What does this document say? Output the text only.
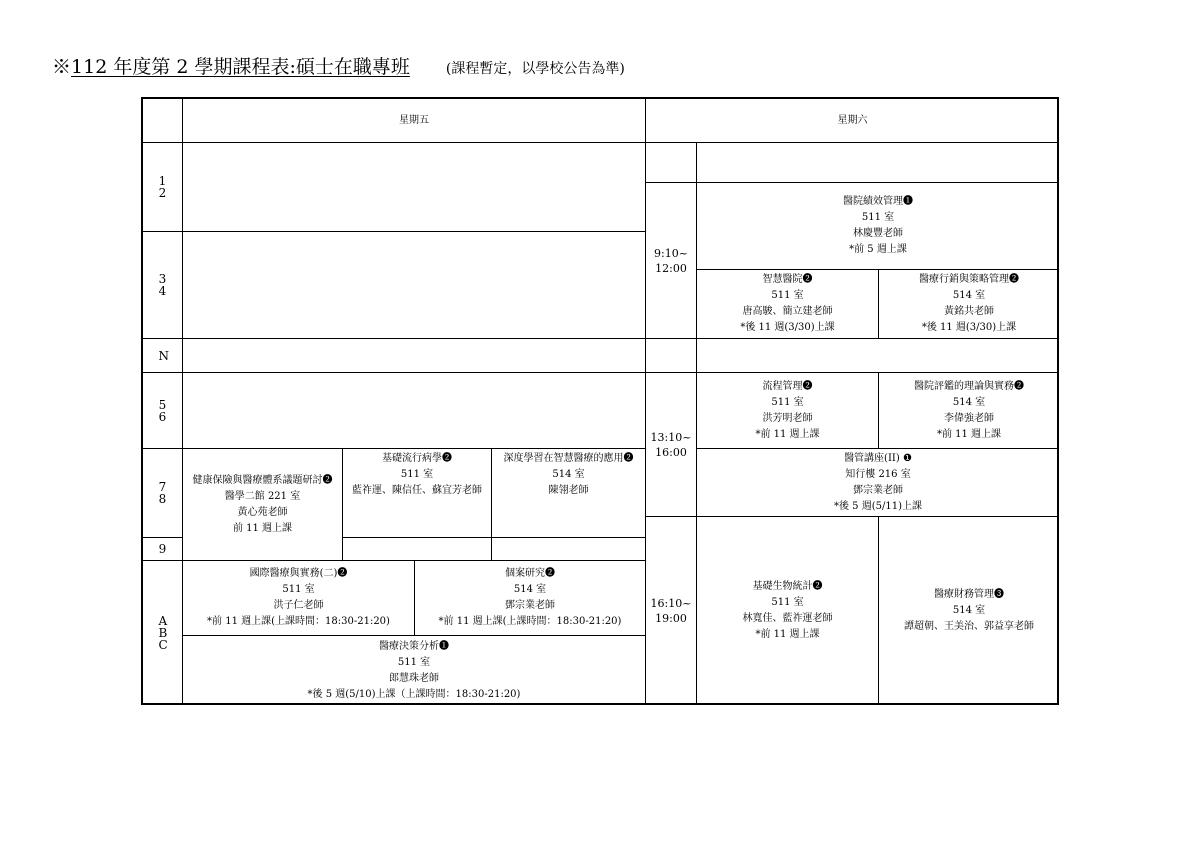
※112 年度第 2 學期課程表:碩士在職專班	(課程暫定，以學校公告為準)
星期五	星期六
12
34
N
56
78
9
ABC
健康保險與醫療體系議題研討❷
醫學二館 221 室
黃心苑老師
前 11 週上課
基礎流行病學❷
511 室
藍祚運、陳信任、蘇宜芳老師
深度學習在智慧醫療的應用❷
514 室
陳翎老師
國際醫療與實務(二)❷
511 室
洪子仁老師
*前 11 週上課(上課時間：18:30-21:20)
個案研究❷
514 室
鄧宗業老師
*前 11 週上課(上課時間：18:30-21:20)
醫療決策分析❶
511 室
郎慧珠老師
*後 5 週(5/10)上課（上課時間：18:30-21:20)
9:10~
12:00
13:10~
16:00
16:10~
19:00
醫院績效管理❶
511 室
林慶豐老師
*前 5 週上課
智慧醫院❷
511 室
唐高駿、簡立建老師
*後 11 週(3/30)上課
醫療行銷與策略管理❷
514 室
黃銘共老師
*後 11 週(3/30)上課
流程管理❷
511 室
洪芳明老師
*前 11 週上課
醫院評鑑的理論與實務❷
514 室
李偉強老師
*前 11 週上課
醫管講座(II) ❶
知行樓 216 室
鄧宗業老師
*後 5 週(5/11)上課
基礎生物統計❷
511 室
林寬佳、藍祚運老師
*前 11 週上課
醫療財務管理❸
514 室
譚超朝、王美治、郭益享老師
